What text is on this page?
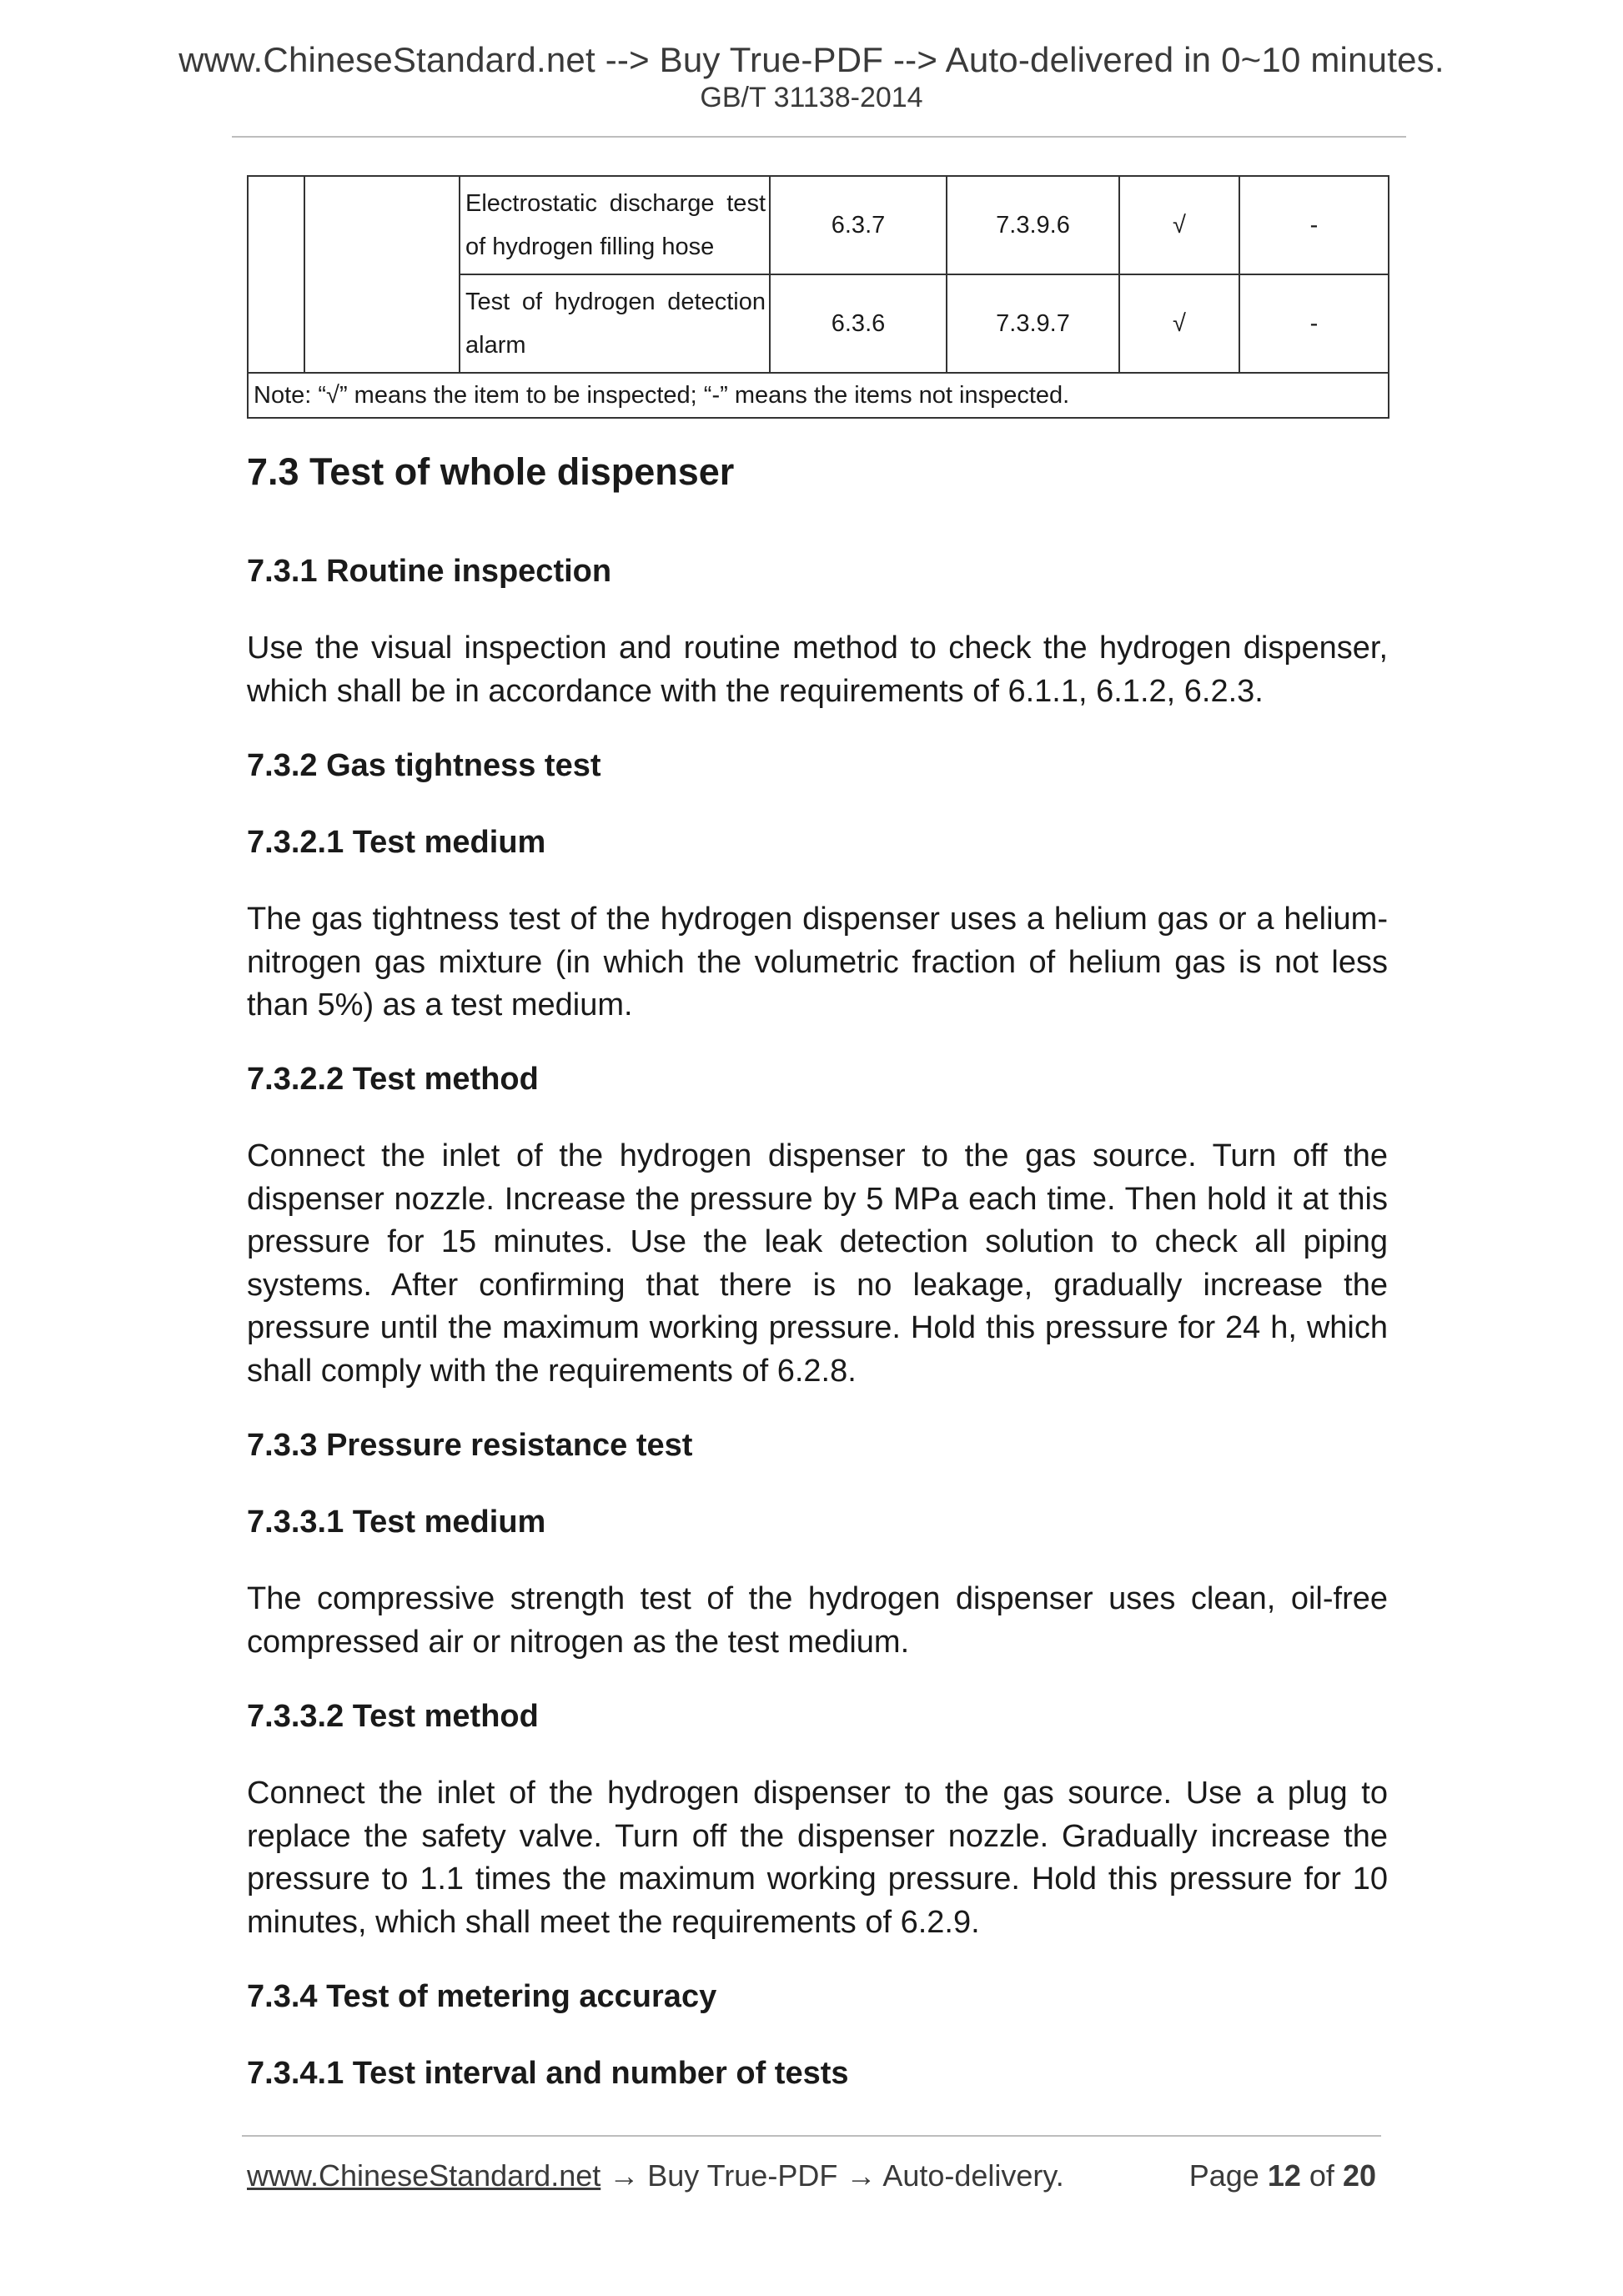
www.ChineseStandard.net --> Buy True-PDF --> Auto-delivered in 0~10 minutes.
GB/T 31138-2014
		Electrostatic discharge test of hydrogen filling hose	6.3.7	7.3.9.6	√	-
		Test of hydrogen detection alarm	6.3.6	7.3.9.7	√	-
Note: “√” means the item to be inspected; “-” means the items not inspected.						
7.3 Test of whole dispenser
7.3.1 Routine inspection
Use the visual inspection and routine method to check the hydrogen dispenser, which shall be in accordance with the requirements of 6.1.1, 6.1.2, 6.2.3.
7.3.2 Gas tightness test
7.3.2.1 Test medium
The gas tightness test of the hydrogen dispenser uses a helium gas or a helium-nitrogen gas mixture (in which the volumetric fraction of helium gas is not less than 5%) as a test medium.
7.3.2.2 Test method
Connect the inlet of the hydrogen dispenser to the gas source. Turn off the dispenser nozzle. Increase the pressure by 5 MPa each time. Then hold it at this pressure for 15 minutes. Use the leak detection solution to check all piping systems. After confirming that there is no leakage, gradually increase the pressure until the maximum working pressure. Hold this pressure for 24 h, which shall comply with the requirements of 6.2.8.
7.3.3 Pressure resistance test
7.3.3.1 Test medium
The compressive strength test of the hydrogen dispenser uses clean, oil-free compressed air or nitrogen as the test medium.
7.3.3.2 Test method
Connect the inlet of the hydrogen dispenser to the gas source. Use a plug to replace the safety valve. Turn off the dispenser nozzle. Gradually increase the pressure to 1.1 times the maximum working pressure. Hold this pressure for 10 minutes, which shall meet the requirements of 6.2.9.
7.3.4 Test of metering accuracy
7.3.4.1 Test interval and number of tests
www.ChineseStandard.net → Buy True-PDF → Auto-delivery.	Page 12 of 20
